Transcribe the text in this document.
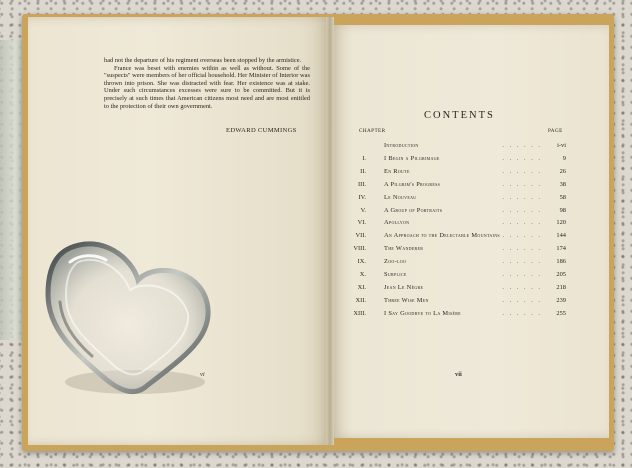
had not the departure of his regiment overseas been stopped by the armistice.

France was beset with enemies within as well as without. Some of the "suspects" were members of her official household. Her Minister of Interior was thrown into prison. She was distracted with fear. Her existence was at stake. Under such circumstances excesses were sure to be committed. But it is precisely at such times that American citizens most need and are most entitled to the protection of their own government.

EDWARD CUMMINGS
vi
CONTENTS
CHAPTER	PAGE
Introduction	. . . . . . i-vi
I.	I Begin a Pilgrimage	. . . . . .	9
II.	En Route	. . . . . .	26
III.	A Pilgrim's Progress	. . . . . .	38
IV.	Le Nouveau	. . . . . .	58
V.	A Group of Portraits	. . . . . .	98
VI.	Apollyon	. . . . . . 120
VII.	An Approach to the Delectable Mountains . . . . . . 144
VIII.	The Wanderer	. . . . . . 174
IX.	Zoo-loo	. . . . . . 186
X.	Surplice	. . . . . . 205
XI.	Jean Le Nègre	. . . . . . 218
XII.	Three Wise Men	. . . . . . 239
XIII.	I Say Goodbye to La Misère	. . . . . . 255
vii
